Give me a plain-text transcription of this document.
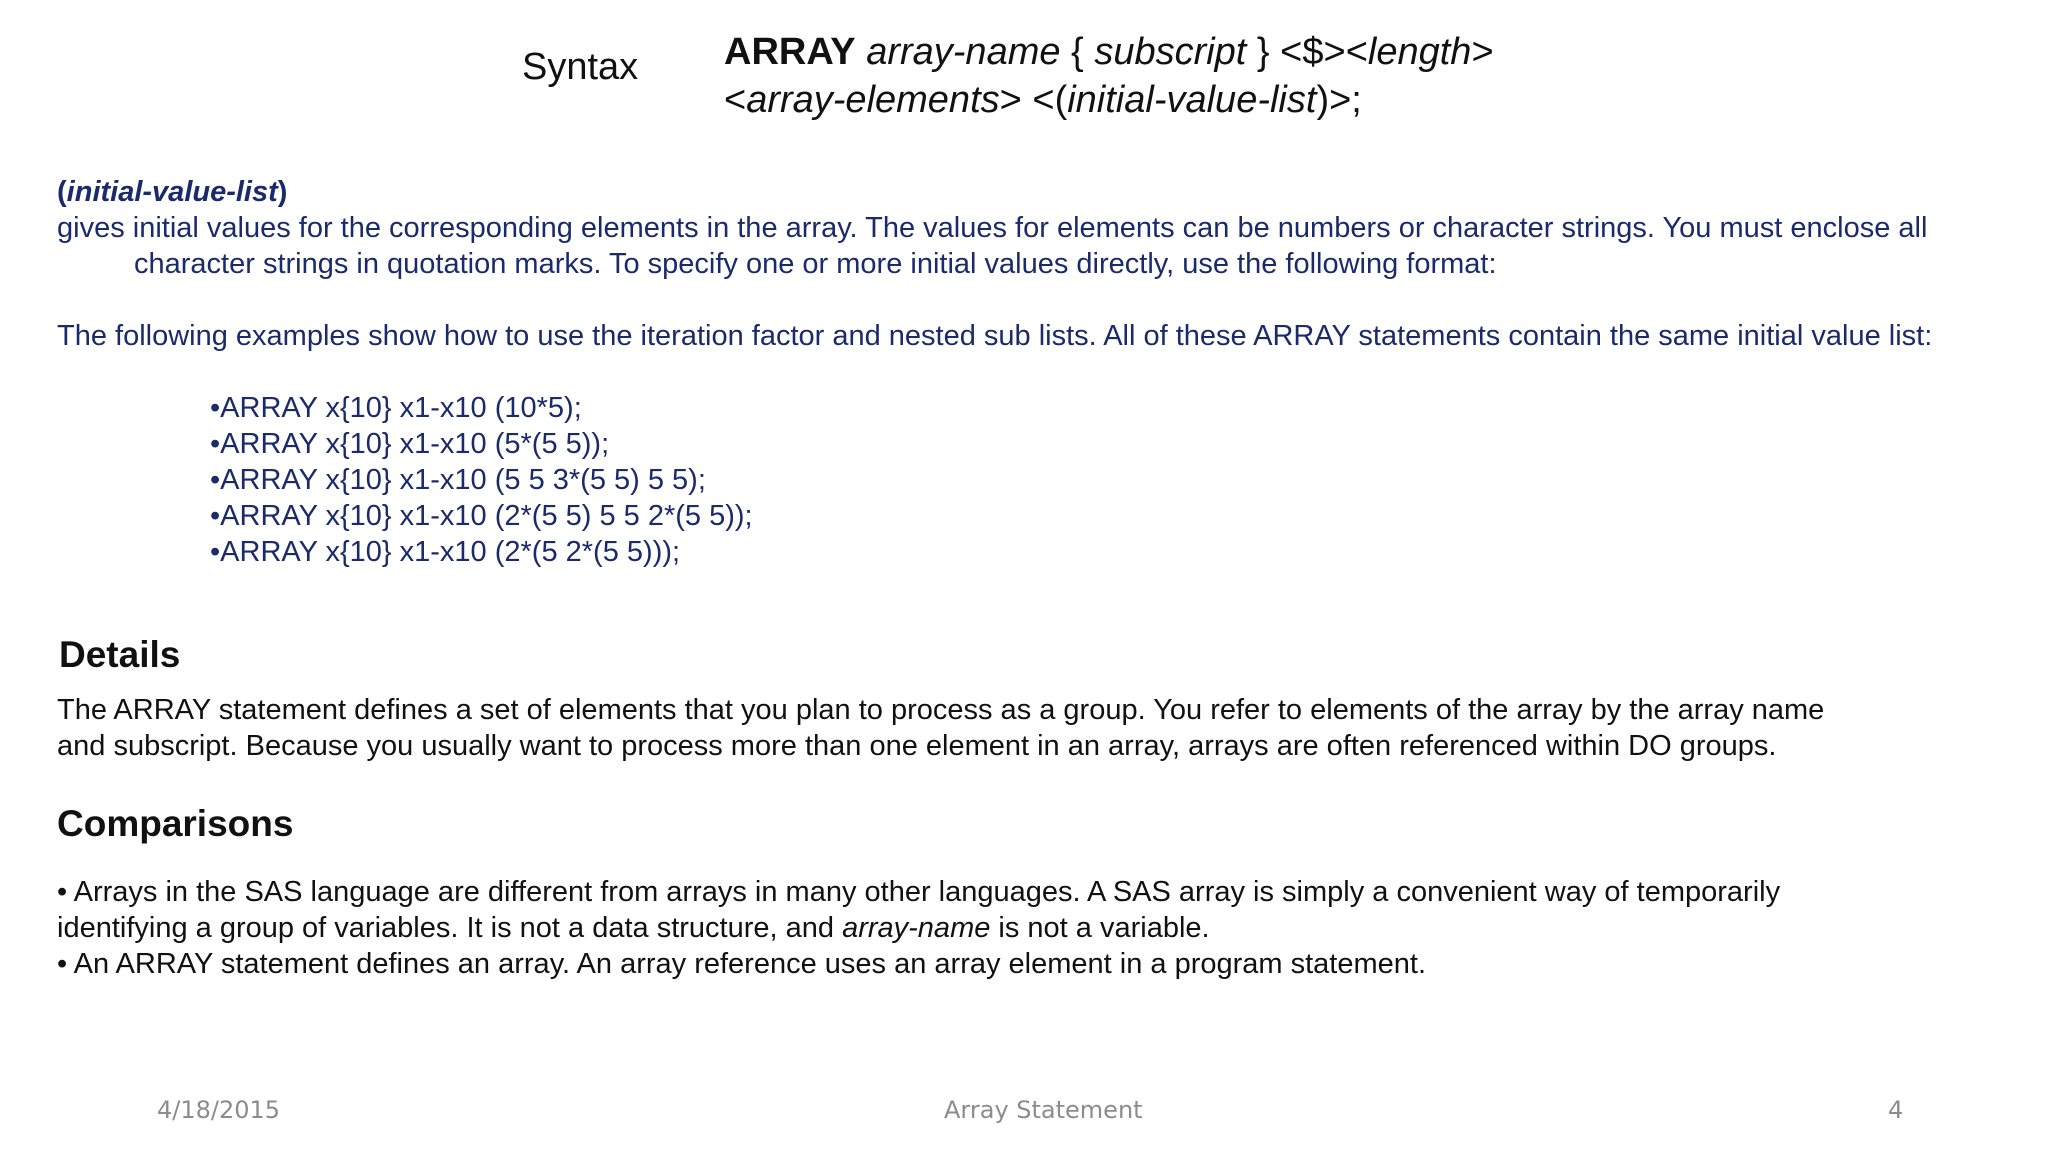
Syntax ARRAY array-name { subscript } <$><length>
<array-elements> <(initial-value-list)>;
(initial-value-list)

gives initial values for the corresponding elements in the array. The values for elements can be numbers or character strings. You must enclose all character strings in quotation marks. To specify one or more initial values directly, use the following format:

The following examples show how to use the iteration factor and nested sub lists. All of these ARRAY statements contain the same initial value list:

•ARRAY x{10} x1-x10 (10*5);
•ARRAY x{10} x1-x10 (5*(5 5));
•ARRAY x{10} x1-x10 (5 5 3*(5 5) 5 5);
•ARRAY x{10} x1-x10 (2*(5 5) 5 5 2*(5 5));
•ARRAY x{10} x1-x10 (2*(5 2*(5 5)));
Details
The ARRAY statement defines a set of elements that you plan to process as a group. You refer to elements of the array by the array name
and subscript. Because you usually want to process more than one element in an array, arrays are often referenced within DO groups.
Comparisons
• Arrays in the SAS language are different from arrays in many other languages. A SAS array is simply a convenient way of temporarily
identifying a group of variables. It is not a data structure, and array-name is not a variable.
• An ARRAY statement defines an array. An array reference uses an array element in a program statement.
4/18/2015	Array Statement	4
